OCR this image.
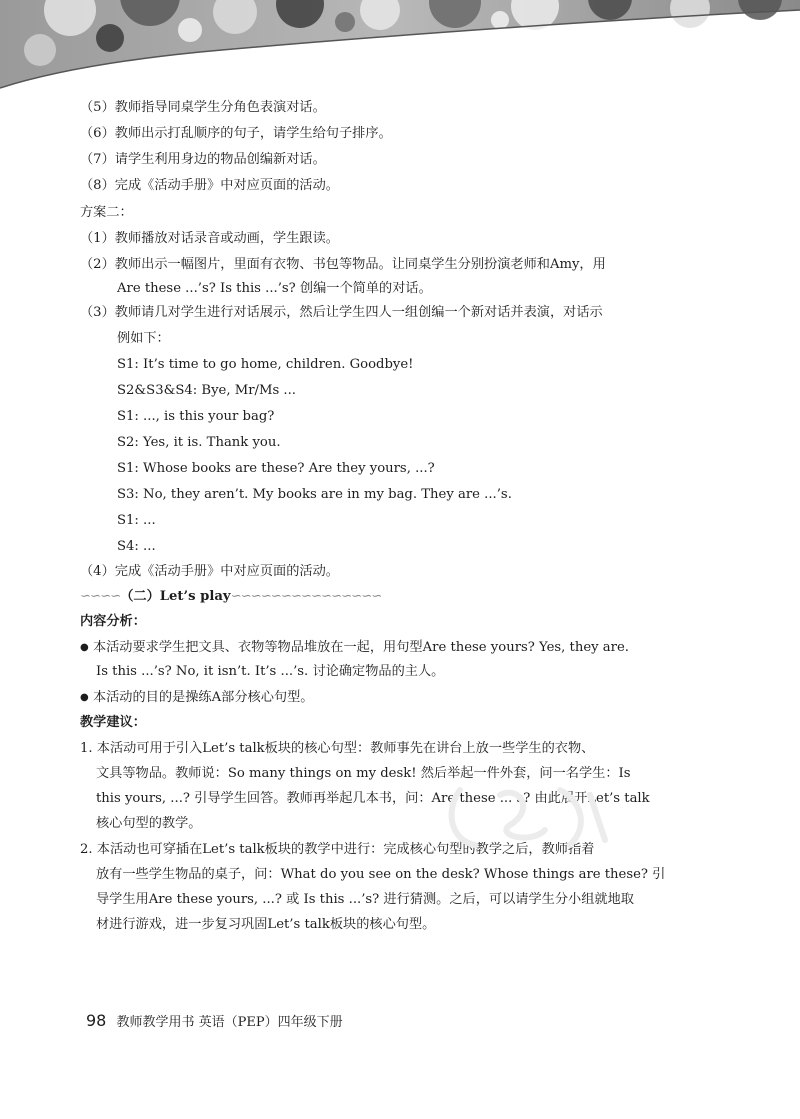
（5）教师指导同桌学生分角色表演对话。
（6）教师出示打乱顺序的句子，请学生给句子排序。
（7）请学生利用身边的物品创编新对话。
（8）完成《活动手册》中对应页面的活动。
方案二：
（1）教师播放对话录音或动画，学生跟读。
（2）教师出示一幅图片，里面有衣物、书包等物品。让同桌学生分别扮演老师和Amy，用
Are these ...’s? Is this ...’s? 创编一个简单的对话。
（3）教师请几对学生进行对话展示，然后让学生四人一组创编一个新对话并表演，对话示
例如下：
S1: It’s time to go home, children. Goodbye!
S2&S3&S4: Bye, Mr/Ms ...
S1: ..., is this your bag?
S2: Yes, it is. Thank you.
S1: Whose books are these? Are they yours, ...?
S3: No, they aren’t. My books are in my bag. They are ...’s.
S1: ...
S4: ...
（4）完成《活动手册》中对应页面的活动。
∽∽∽∽（二）Let’s play∽∽∽∽∽∽∽∽∽∽∽∽∽∽∽
内容分析：
● 本活动要求学生把文具、衣物等物品堆放在一起，用句型Are these yours? Yes, they are.
Is this ...’s? No, it isn’t. It’s ...’s. 讨论确定物品的主人。
● 本活动的目的是操练A部分核心句型。
教学建议：
1. 本活动可用于引入Let’s talk板块的核心句型：教师事先在讲台上放一些学生的衣物、
文具等物品。教师说：So many things on my desk! 然后举起一件外套，问一名学生：Is
this yours, ...? 引导学生回答。教师再举起几本书，问：Are these ...’s? 由此展开Let’s talk
核心句型的教学。
2. 本活动也可穿插在Let’s talk板块的教学中进行：完成核心句型的教学之后，教师指着
放有一些学生物品的桌子，问：What do you see on the desk? Whose things are these? 引
导学生用Are these yours, ...? 或 Is this ...’s? 进行猜测。之后，可以请学生分小组就地取
材进行游戏，进一步复习巩固Let’s talk板块的核心句型。
98 教师教学用书 英语（PEP）四年级下册
